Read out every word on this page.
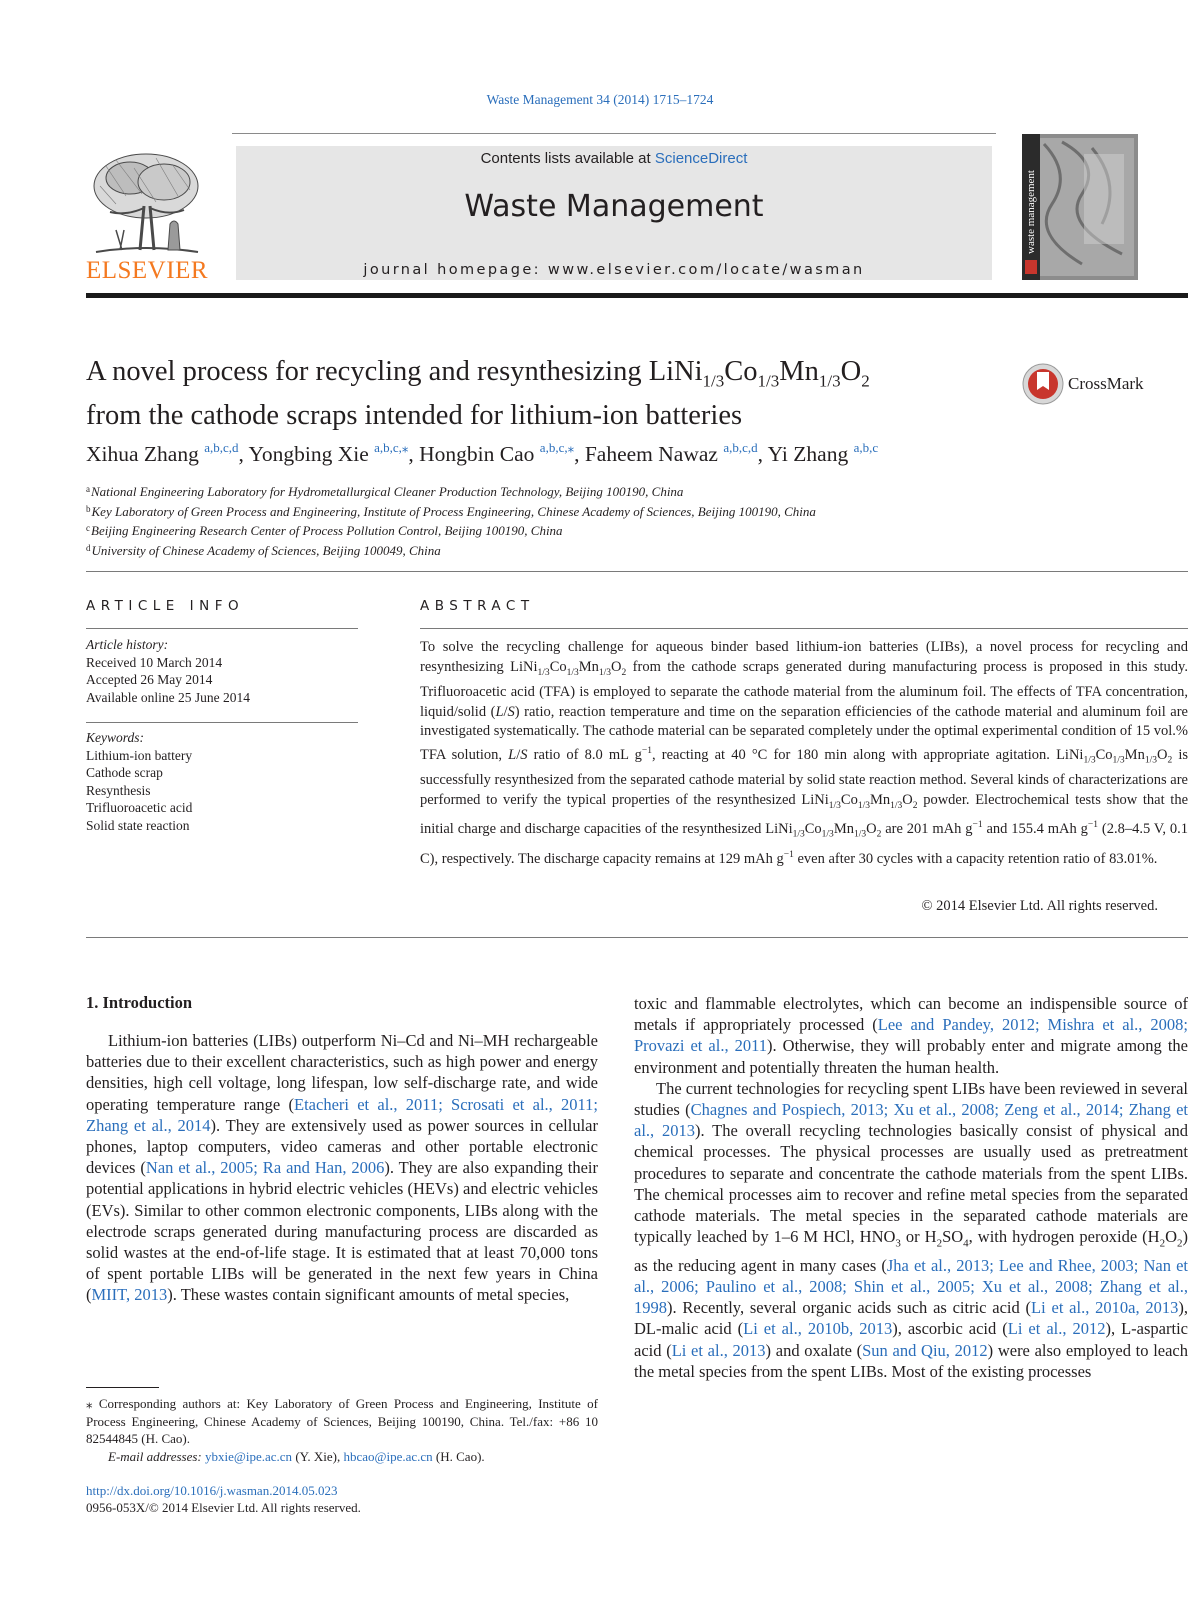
Waste Management 34 (2014) 1715–1724
Contents lists available at ScienceDirect
Waste Management
journal homepage: www.elsevier.com/locate/wasman
ELSEVIER
waste management
A novel process for recycling and resynthesizing $LiNi_{1/3}Co_{1/3}Mn_{1/3}O_2$
from the cathode scraps intended for lithium-ion batteries
CrossMark
Xihua Zhang $^{a,b,c,d}$, Yongbing Xie $^{a,b,c,⁎}$, Hongbin Cao $^{a,b,c,⁎}$, Faheem Nawaz $^{a,b,c,d}$, Yi Zhang $^{a,b,c}$
$^a$National Engineering Laboratory for Hydrometallurgical Cleaner Production Technology, Beijing 100190, China
$^b$Key Laboratory of Green Process and Engineering, Institute of Process Engineering, Chinese Academy of Sciences, Beijing 100190, China
$^c$Beijing Engineering Research Center of Process Pollution Control, Beijing 100190, China
$^d$University of Chinese Academy of Sciences, Beijing 100049, China
ARTICLE INFO
Article history:
Received 10 March 2014
Accepted 26 May 2014
Available online 25 June 2014
Keywords:
Lithium-ion battery
Cathode scrap
Resynthesis
Trifluoroacetic acid
Solid state reaction
ABSTRACT
To solve the recycling challenge for aqueous binder based lithium-ion batteries (LIBs), a novel process for recycling and resynthesizing $LiNi_{1/3}Co_{1/3}Mn_{1/3}O_2$ from the cathode scraps generated during manufacturing process is proposed in this study. Trifluoroacetic acid (TFA) is employed to separate the cathode material from the aluminum foil. The effects of TFA concentration, liquid/solid (L/S) ratio, reaction temperature and time on the separation efficiencies of the cathode material and aluminum foil are investigated systematically. The cathode material can be separated completely under the optimal experimental condition of 15 vol.% TFA solution, L/S ratio of 8.0 mL $g^{-1}$, reacting at 40 °C for 180 min along with appropriate agitation. $LiNi_{1/3}Co_{1/3}Mn_{1/3}O_2$ is successfully resynthesized from the separated cathode material by solid state reaction method. Several kinds of characterizations are performed to verify the typical properties of the resynthesized $LiNi_{1/3}Co_{1/3}Mn_{1/3}O_2$ powder. Electrochemical tests show that the initial charge and discharge capacities of the resynthesized $LiNi_{1/3}Co_{1/3}Mn_{1/3}O_2$ are 201 mAh $g^{-1}$ and 155.4 mAh $g^{-1}$ (2.8–4.5 V, 0.1 C), respectively. The discharge capacity remains at 129 mAh $g^{-1}$ even after 30 cycles with a capacity retention ratio of 83.01%.
© 2014 Elsevier Ltd. All rights reserved.
1. Introduction

Lithium-ion batteries (LIBs) outperform Ni–Cd and Ni–MH rechargeable batteries due to their excellent characteristics, such as high power and energy densities, high cell voltage, long lifespan, low self-discharge rate, and wide operating temperature range (Etacheri et al., 2011; Scrosati et al., 2011; Zhang et al., 2014). They are extensively used as power sources in cellular phones, laptop computers, video cameras and other portable electronic devices (Nan et al., 2005; Ra and Han, 2006). They are also expanding their potential applications in hybrid electric vehicles (HEVs) and electric vehicles (EVs). Similar to other common electronic components, LIBs along with the electrode scraps generated during manufacturing process are discarded as solid wastes at the end-of-life stage. It is estimated that at least 70,000 tons of spent portable LIBs will be generated in the next few years in China (MIIT, 2013). These wastes contain significant amounts of metal species,

toxic and flammable electrolytes, which can become an indispensible source of metals if appropriately processed (Lee and Pandey, 2012; Mishra et al., 2008; Provazi et al., 2011). Otherwise, they will probably enter and migrate among the environment and potentially threaten the human health.

The current technologies for recycling spent LIBs have been reviewed in several studies (Chagnes and Pospiech, 2013; Xu et al., 2008; Zeng et al., 2014; Zhang et al., 2013). The overall recycling technologies basically consist of physical and chemical processes. The physical processes are usually used as pretreatment procedures to separate and concentrate the cathode materials from the spent LIBs. The chemical processes aim to recover and refine metal species from the separated cathode materials. The metal species in the separated cathode materials are typically leached by 1–6 M HCl, $HNO_3$ or $H_2SO_4$, with hydrogen peroxide $(H_2O_2)$ as the reducing agent in many cases (Jha et al., 2013; Lee and Rhee, 2003; Nan et al., 2006; Paulino et al., 2008; Shin et al., 2005; Xu et al., 2008; Zhang et al., 1998). Recently, several organic acids such as citric acid (Li et al., 2010a, 2013), DL-malic acid (Li et al., 2010b, 2013), ascorbic acid (Li et al., 2012), L-aspartic acid (Li et al., 2013) and oxalate (Sun and Qiu, 2012) were also employed to leach the metal species from the spent LIBs. Most of the existing processes

⁎ Corresponding authors at: Key Laboratory of Green Process and Engineering, Institute of Process Engineering, Chinese Academy of Sciences, Beijing 100190, China. Tel./fax: +86 10 82544845 (H. Cao).
E-mail addresses: ybxie@ipe.ac.cn (Y. Xie), hbcao@ipe.ac.cn (H. Cao).
http://dx.doi.org/10.1016/j.wasman.2014.05.023
0956-053X/© 2014 Elsevier Ltd. All rights reserved.
